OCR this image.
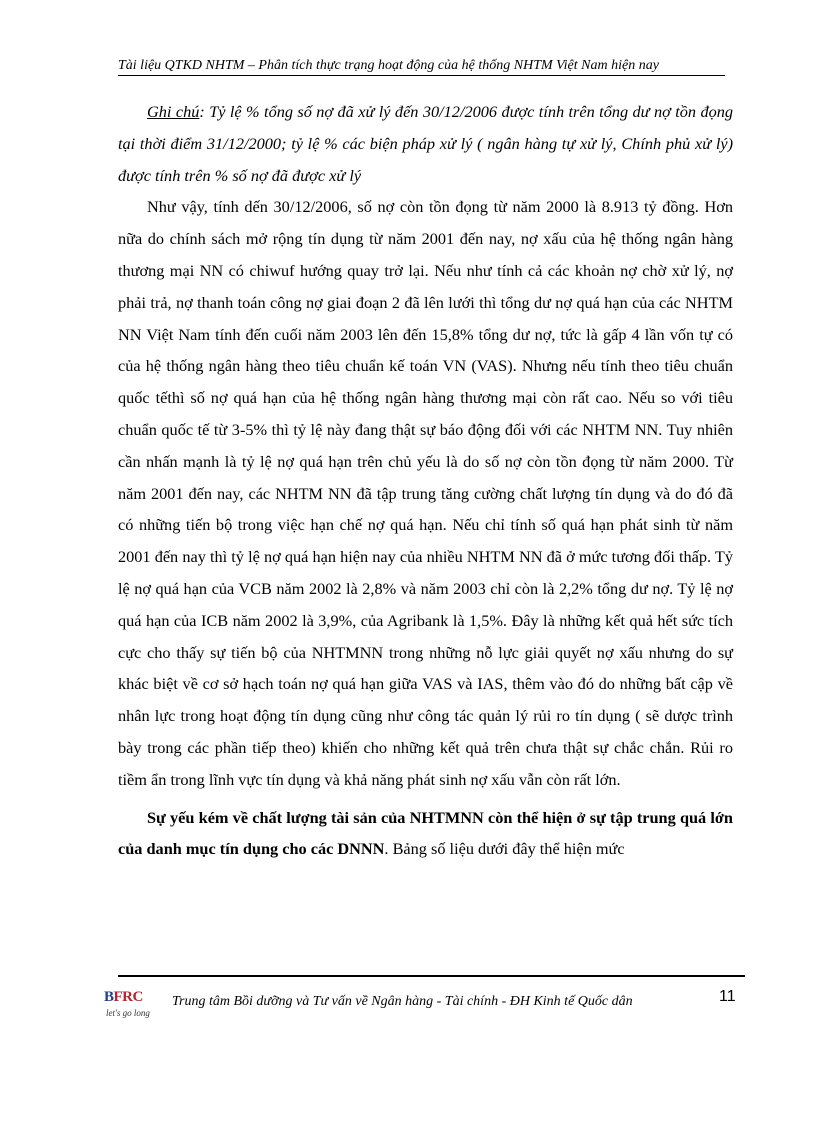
Tài liệu QTKD NHTM – Phân tích thực trạng hoạt động của hệ thống NHTM Việt Nam hiện nay

Ghi chú: Tỷ lệ % tổng số nợ đã xử lý đến 30/12/2006 được tính trên tổng dư nợ tồn đọng tại thời điểm 31/12/2000; tỷ lệ % các biện pháp xử lý ( ngân hàng tự xử lý, Chính phủ xử lý) được tính trên % số nợ đã được xử lý

Như vậy, tính dến 30/12/2006, số nợ còn tồn đọng từ năm 2000 là 8.913 tỷ đồng. Hơn nữa do chính sách mở rộng tín dụng từ năm 2001 đến nay, nợ xấu của hệ thống ngân hàng thương mại NN có chiwuf hướng quay trở lại. Nếu như tính cả các khoản nợ chờ xử lý, nợ phải trả, nợ thanh toán công nợ giai đoạn 2 đã lên lưới thì tổng dư nợ quá hạn của các NHTM NN Việt Nam tính đến cuối năm 2003 lên đến 15,8% tổng dư nợ, tức là gấp 4 lần vốn tự có của hệ thống ngân hàng theo tiêu chuẩn kế toán VN (VAS). Nhưng nếu tính theo tiêu chuẩn quốc tếthì số nợ quá hạn của hệ thống ngân hàng thương mại còn rất cao. Nếu so với tiêu chuẩn quốc tế từ 3-5% thì tỷ lệ này đang thật sự báo động đối với các NHTM NN. Tuy nhiên cần nhấn mạnh là tỷ lệ nợ quá hạn trên chủ yếu là do số nợ còn tồn đọng từ năm 2000. Từ năm 2001 đến nay, các NHTM NN đã tập trung tăng cường chất lượng tín dụng và do đó đã có những tiến bộ trong việc hạn chế nợ quá hạn. Nếu chỉ tính số quá hạn phát sinh từ năm 2001 đến nay thì tỷ lệ nợ quá hạn hiện nay của nhiều NHTM NN đã ở mức tương đối thấp. Tỷ lệ nợ quá hạn của VCB năm 2002 là 2,8% và năm 2003 chỉ còn là 2,2% tổng dư nợ. Tỷ lệ nợ quá hạn của ICB năm 2002 là 3,9%, của Agribank là 1,5%. Đây là những kết quả hết sức tích cực cho thấy sự tiến bộ của NHTMNN trong những nỗ lực giải quyết nợ xấu nhưng do sự khác biệt về cơ sở hạch toán nợ quá hạn giữa VAS và IAS, thêm vào đó do những bất cập về nhân lực trong hoạt động tín dụng cũng như công tác quản lý rủi ro tín dụng ( sẽ dược trình bày trong các phần tiếp theo) khiến cho những kết quả trên chưa thật sự chắc chắn. Rủi ro tiềm ẩn trong lĩnh vực tín dụng và khả năng phát sinh nợ xấu vẫn còn rất lớn.

Sự yếu kém về chất lượng tài sản của NHTMNN còn thể hiện ở sự tập trung quá lớn của danh mục tín dụng cho các DNNN. Bảng số liệu dưới đây thể hiện mức

BFRC
let's go long
Trung tâm Bồi dưỡng và Tư vấn về Ngân hàng - Tài chính - ĐH Kinh tế Quốc dân	11
